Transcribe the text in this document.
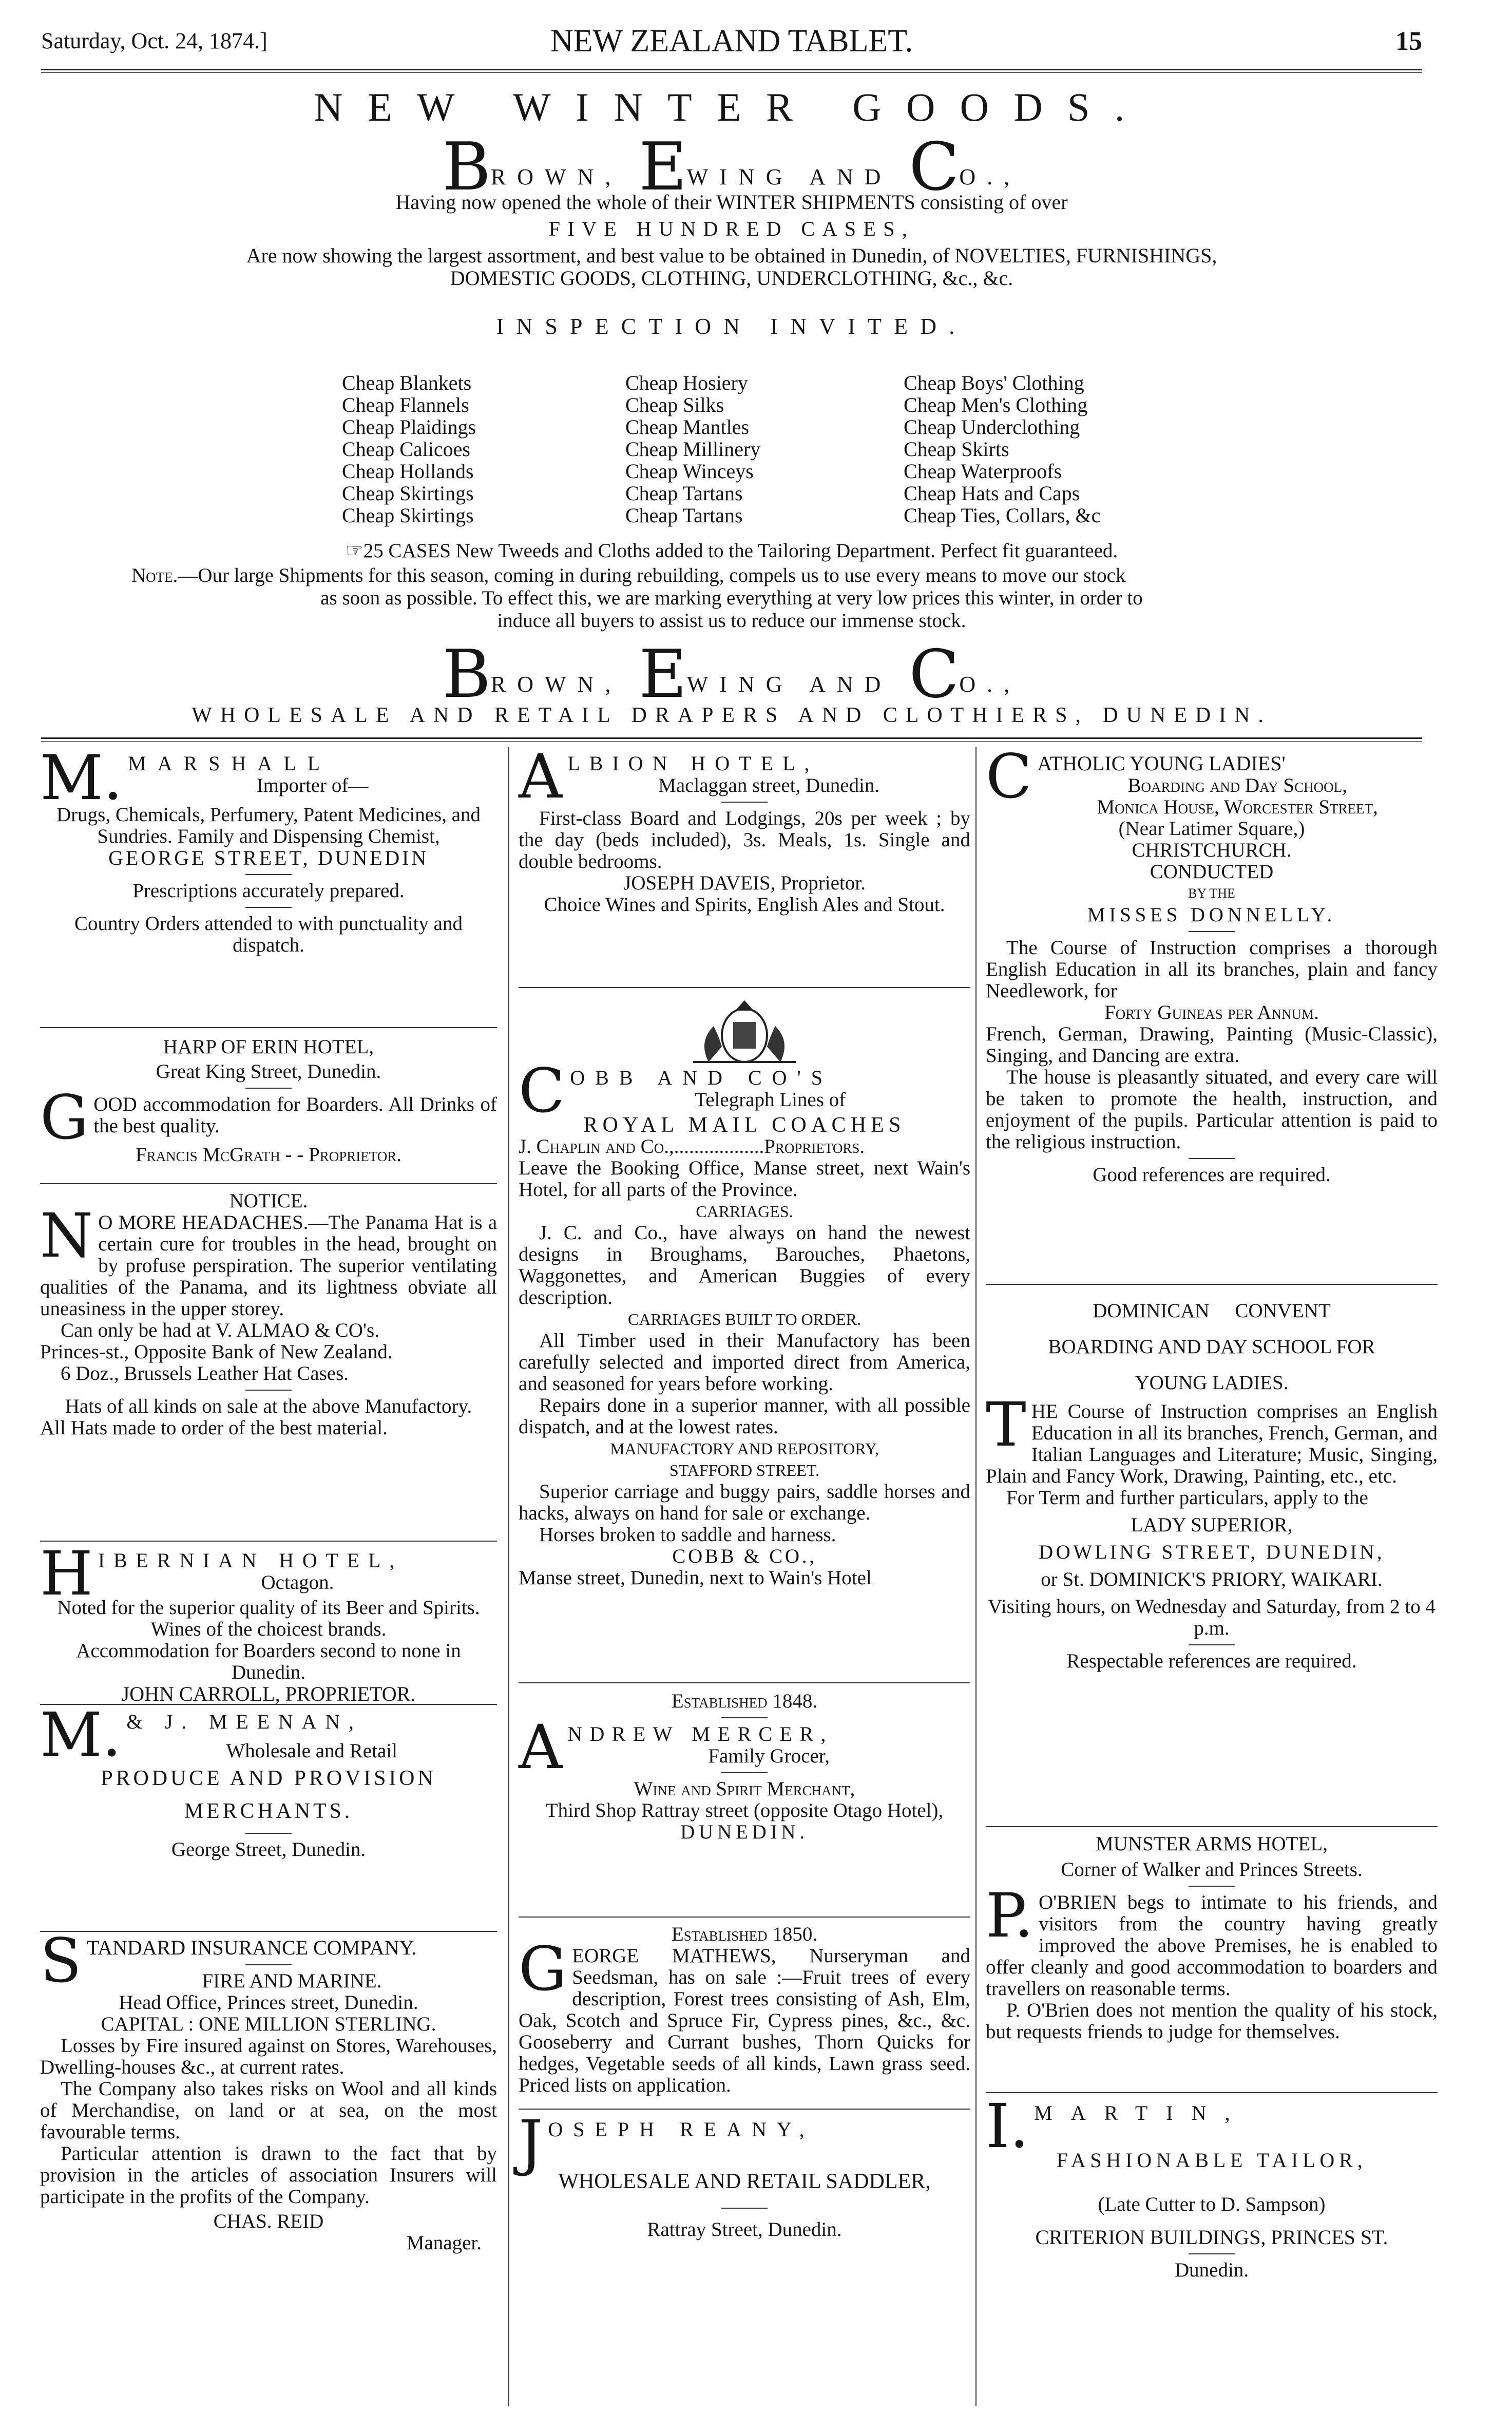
Saturday, Oct. 24, 1874.]	NEW ZEALAND TABLET.	15
NEW WINTER GOODS.
BROWN, EWING AND CO.,
Having now opened the whole of their WINTER SHIPMENTS consisting of over
FIVE HUNDRED CASES,
Are now showing the largest assortment, and best value to be obtained in Dunedin, of NOVELTIES, FURNISHINGS,
DOMESTIC GOODS, CLOTHING, UNDERCLOTHING, &c., &c.
INSPECTION INVITED.
Cheap Blankets
Cheap Flannels
Cheap Plaidings
Cheap Calicoes
Cheap Hollands
Cheap Skirtings
Cheap Skirtings
Cheap Hosiery
Cheap Silks
Cheap Mantles
Cheap Millinery
Cheap Winceys
Cheap Tartans
Cheap Tartans
Cheap Boys' Clothing
Cheap Men's Clothing
Cheap Underclothing
Cheap Skirts
Cheap Waterproofs
Cheap Hats and Caps
Cheap Ties, Collars, &c
☞25 CASES New Tweeds and Cloths added to the Tailoring Department. Perfect fit guaranteed.
Note.—Our large Shipments for this season, coming in during rebuilding, compels us to use every means to move our stock
as soon as possible. To effect this, we are marking everything at very low prices this winter, in order to
induce all buyers to assist us to reduce our immense stock.
BROWN, EWING AND CO.,
WHOLESALE AND RETAIL DRAPERS AND CLOTHIERS, DUNEDIN.

M. MARSHALL

Importer of—

Drugs, Chemicals, Perfumery, Patent Medicines, and Sundries. Family and Dispensing Chemist,

GEORGE STREET, DUNEDIN

Prescriptions accurately prepared.

Country Orders attended to with punctuality and dispatch.

HARP OF ERIN HOTEL,

Great King Street, Dunedin.

GOOD accommodation for Boarders. All Drinks of the best quality.

Francis McGrath - - Proprietor.

NOTICE.

N O MORE HEADACHES.—The Panama Hat is a certain cure for troubles in the head, brought on by profuse perspiration. The superior ventilating qualities of the Panama, and its lightness obviate all uneasiness in the upper storey.

Can only be had at V. ALMAO & CO's.

Princes-st., Opposite Bank of New Zealand.

6 Doz., Brussels Leather Hat Cases.

Hats of all kinds on sale at the above Manufactory.

All Hats made to order of the best material.

HIBERNIAN HOTEL,

Octagon.

Noted for the superior quality of its Beer and Spirits.

Wines of the choicest brands.

Accommodation for Boarders second to none in Dunedin.

JOHN CARROLL, PROPRIETOR.

M. & J. MEENAN,

Wholesale and Retail

PRODUCE AND PROVISION MERCHANTS.

George Street, Dunedin.

STANDARD INSURANCE COMPANY.

FIRE AND MARINE.

Head Office, Princes street, Dunedin.

CAPITAL : ONE MILLION STERLING.

Losses by Fire insured against on Stores, Warehouses, Dwelling-houses &c., at current rates.

The Company also takes risks on Wool and all kinds of Merchandise, on land or at sea, on the most favourable terms.

Particular attention is drawn to the fact that by provision in the articles of association Insurers will participate in the profits of the Company.

CHAS. REID

Manager.

ALBION HOTEL,

Maclaggan street, Dunedin.

First-class Board and Lodgings, 20s per week ; by the day (beds included), 3s. Meals, 1s. Single and double bedrooms.

JOSEPH DAVEIS, Proprietor.

Choice Wines and Spirits, English Ales and Stout.

COBB AND CO'S

Telegraph Lines of

ROYAL MAIL COACHES

J. Chaplin and Co.,..................Proprietors.

Leave the Booking Office, Manse street, next Wain's Hotel, for all parts of the Province.

CARRIAGES.

J. C. and Co., have always on hand the newest designs in Broughams, Barouches, Phaetons, Waggonettes, and American Buggies of every description.

CARRIAGES BUILT TO ORDER.

All Timber used in their Manufactory has been carefully selected and imported direct from America, and seasoned for years before working.

Repairs done in a superior manner, with all possible dispatch, and at the lowest rates.

MANUFACTORY AND REPOSITORY,

STAFFORD STREET.

Superior carriage and buggy pairs, saddle horses and hacks, always on hand for sale or exchange.

Horses broken to saddle and harness.

COBB & CO.,

Manse street, Dunedin, next to Wain's Hotel

Established 1848.

ANDREW MERCER,

Family Grocer,

Wine and Spirit Merchant,

Third Shop Rattray street (opposite Otago Hotel),

DUNEDIN.

Established 1850.

GEORGE MATHEWS, Nurseryman and Seedsman, has on sale :—Fruit trees of every description, Forest trees consisting of Ash, Elm, Oak, Scotch and Spruce Fir, Cypress pines, &c., &c. Gooseberry and Currant bushes, Thorn Quicks for hedges, Vegetable seeds of all kinds, Lawn grass seed. Priced lists on application.

JOSEPH REANY,

WHOLESALE AND RETAIL SADDLER,

Rattray Street, Dunedin.

CATHOLIC YOUNG LADIES'

Boarding and Day School,

Monica House, Worcester Street,

(Near Latimer Square,)

CHRISTCHURCH.

CONDUCTED

BY THE

MISSES DONNELLY.

The Course of Instruction comprises a thorough English Education in all its branches, plain and fancy Needlework, for

Forty Guineas per Annum.

French, German, Drawing, Painting (Music-Classic), Singing, and Dancing are extra.

The house is pleasantly situated, and every care will be taken to promote the health, instruction, and enjoyment of the pupils. Particular attention is paid to the religious instruction.

Good references are required.

DOMINICAN CONVENT

BOARDING AND DAY SCHOOL FOR

YOUNG LADIES.

THE Course of Instruction comprises an English Education in all its branches, French, German, and Italian Languages and Literature; Music, Singing, Plain and Fancy Work, Drawing, Painting, etc., etc.

For Term and further particulars, apply to the

LADY SUPERIOR,

DOWLING STREET, DUNEDIN,

or St. DOMINICK'S PRIORY, WAIKARI.

Visiting hours, on Wednesday and Saturday, from 2 to 4 p.m.

Respectable references are required.

MUNSTER ARMS HOTEL,

Corner of Walker and Princes Streets.

P. O'BRIEN begs to intimate to his friends, and visitors from the country having greatly improved the above Premises, he is enabled to offer cleanly and good accommodation to boarders and travellers on reasonable terms.

P. O'Brien does not mention the quality of his stock, but requests friends to judge for themselves.

I. MARTIN,

FASHIONABLE TAILOR,

(Late Cutter to D. Sampson)

CRITERION BUILDINGS, PRINCES ST.

Dunedin.
